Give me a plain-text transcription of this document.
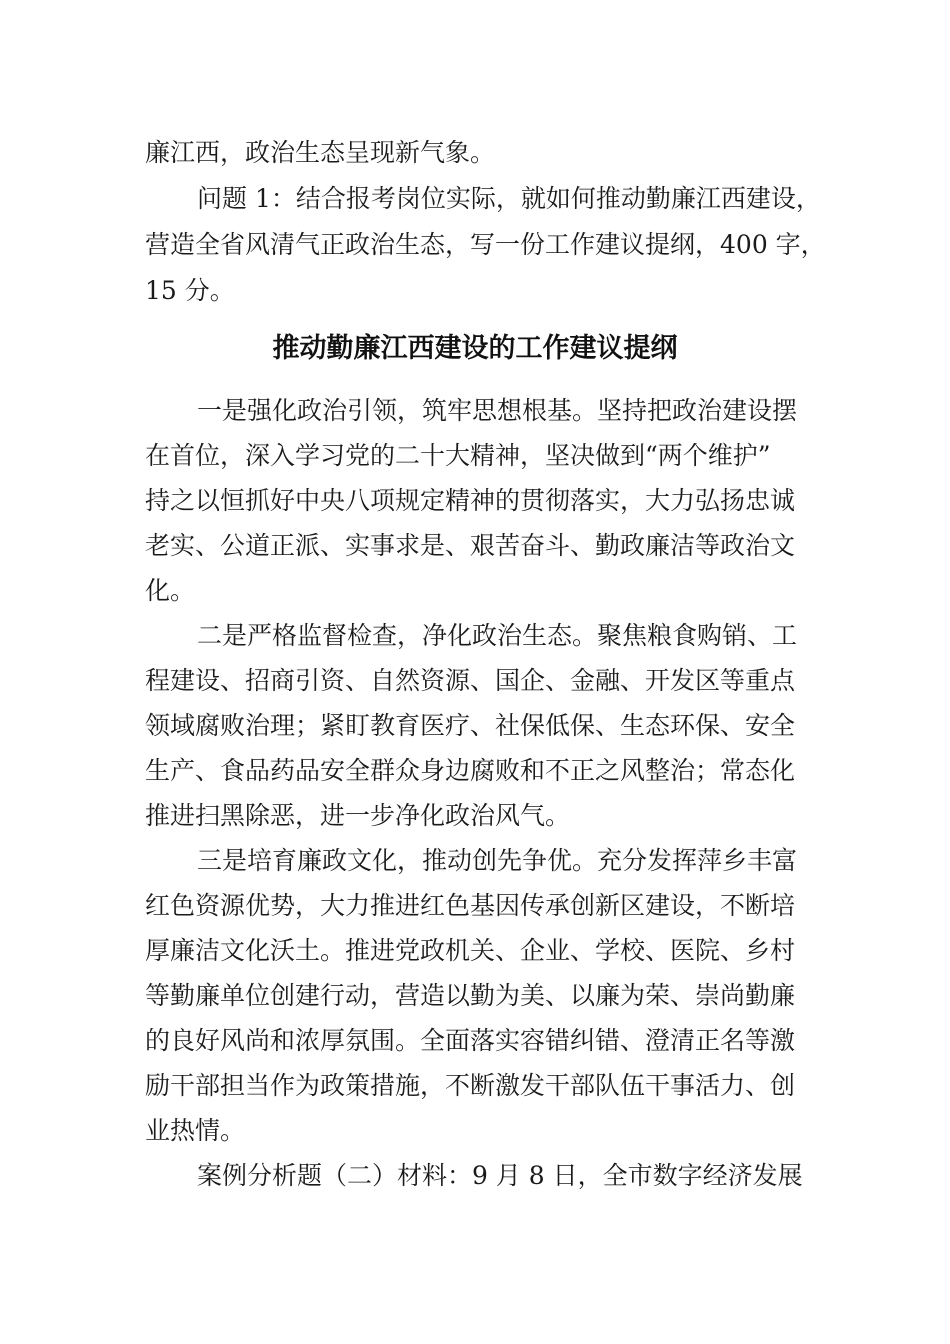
廉江西，政治生态呈现新气象。
问题 1：结合报考岗位实际，就如何推动勤廉江西建设，
营造全省风清气正政治生态，写一份工作建议提纲，400 字，
15 分。
推动勤廉江西建设的工作建议提纲
一是强化政治引领，筑牢思想根基。坚持把政治建设摆
在首位，深入学习党的二十大精神，坚决做到“两个维护”
持之以恒抓好中央八项规定精神的贯彻落实，大力弘扬忠诚
老实、公道正派、实事求是、艰苦奋斗、勤政廉洁等政治文
化。
二是严格监督检查，净化政治生态。聚焦粮食购销、工
程建设、招商引资、自然资源、国企、金融、开发区等重点
领域腐败治理；紧盯教育医疗、社保低保、生态环保、安全
生产、食品药品安全群众身边腐败和不正之风整治；常态化
推进扫黑除恶，进一步净化政治风气。
三是培育廉政文化，推动创先争优。充分发挥萍乡丰富
红色资源优势，大力推进红色基因传承创新区建设，不断培
厚廉洁文化沃土。推进党政机关、企业、学校、医院、乡村
等勤廉单位创建行动，营造以勤为美、以廉为荣、崇尚勤廉
的良好风尚和浓厚氛围。全面落实容错纠错、澄清正名等激
励干部担当作为政策措施，不断激发干部队伍干事活力、创
业热情。
案例分析题（二）材料：9 月 8 日，全市数字经济发展
